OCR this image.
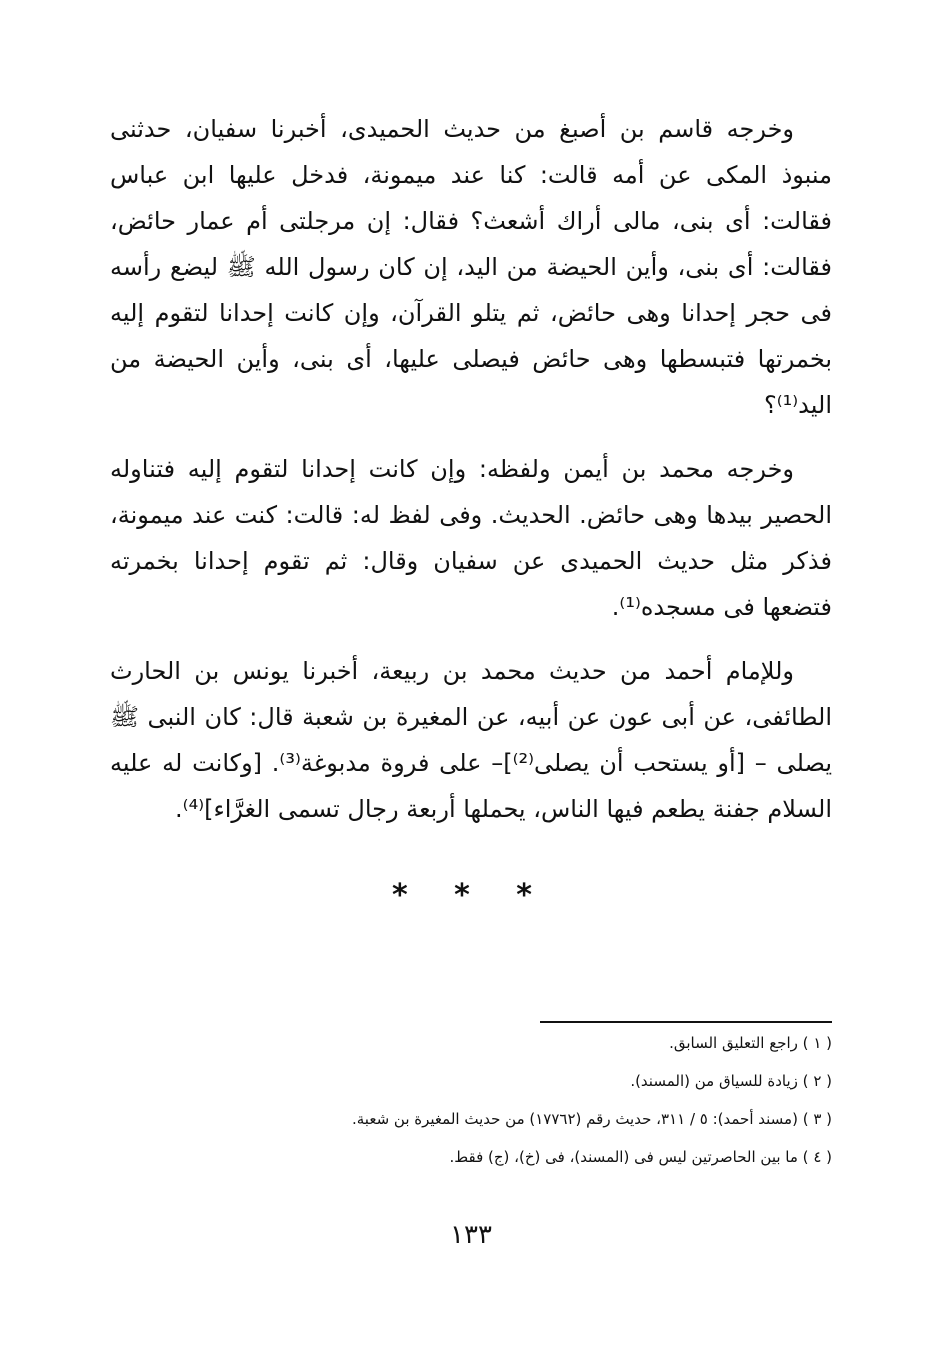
وخرجه قاسم بن أصبغ من حديث الحميدى، أخبرنا سفيان، حدثنى منبوذ المكى عن أمه قالت: كنا عند ميمونة، فدخل عليها ابن عباس فقالت: أى بنى، مالى أراك أشعث؟ فقال: إن مرجلتى أم عمار حائض، فقالت: أى بنى، وأين الحيضة من اليد، إن كان رسول الله ﷺ ليضع رأسه فى حجر إحدانا وهى حائض، ثم يتلو القرآن، وإن كانت إحدانا لتقوم إليه بخمرتها فتبسطها وهى حائض فيصلى عليها، أى بنى، وأين الحيضة من اليد⁽¹⁾؟

وخرجه محمد بن أيمن ولفظه: وإن كانت إحدانا لتقوم إليه فتناوله الحصير بيدها وهى حائض. الحديث. وفى لفظ له: قالت: كنت عند ميمونة، فذكر مثل حديث الحميدى عن سفيان وقال: ثم تقوم إحدانا بخمرته فتضعها فى مسجده⁽¹⁾.

وللإمام أحمد من حديث محمد بن ربيعة، أخبرنا يونس بن الحارث الطائفى، عن أبى عون عن أبيه، عن المغيرة بن شعبة قال: كان النبى ﷺ يصلى – [أو يستحب أن يصلى⁽²⁾]– على فروة مدبوغة⁽³⁾. [وكانت له عليه السلام جفنة يطعم فيها الناس، يحملها أربعة رجال تسمى الغرَّاء]⁽⁴⁾.

* * *

( ١ ) راجع التعليق السابق.

( ٢ ) زيادة للسياق من (المسند).

( ٣ ) (مسند أحمد): ٥ / ٣١١، حديث رقم (١٧٧٦٢) من حديث المغيرة بن شعبة.

( ٤ ) ما بين الحاصرتين ليس فى (المسند)، فى (خ)، (ج) فقط.

١٣٣
